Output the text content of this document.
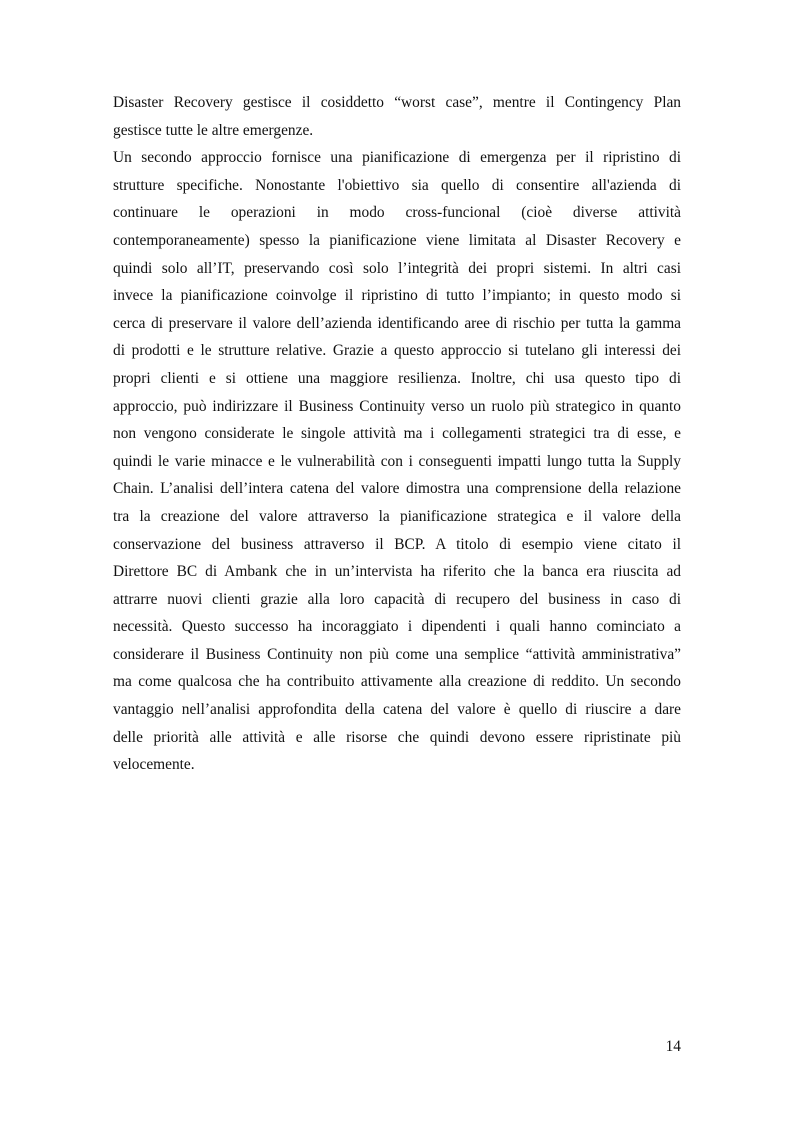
Disaster Recovery gestisce il cosiddetto “worst case”, mentre il Contingency Plan
gestisce tutte le altre emergenze.
Un secondo approccio fornisce una pianificazione di emergenza per il ripristino di
strutture specifiche. Nonostante l'obiettivo sia quello di consentire all'azienda di
continuare le operazioni in modo cross-funcional (cioè diverse attività
contemporaneamente) spesso la pianificazione viene limitata al Disaster Recovery e
quindi solo all’IT, preservando così solo l’integrità dei propri sistemi. In altri casi
invece la pianificazione coinvolge il ripristino di tutto l’impianto; in questo modo si
cerca di preservare il valore dell’azienda identificando aree di rischio per tutta la gamma
di prodotti e le strutture relative. Grazie a questo approccio si tutelano gli interessi dei
propri clienti e si ottiene una maggiore resilienza. Inoltre, chi usa questo tipo di
approccio, può indirizzare il Business Continuity verso un ruolo più strategico in quanto
non vengono considerate le singole attività ma i collegamenti strategici tra di esse, e
quindi le varie minacce e le vulnerabilità con i conseguenti impatti lungo tutta la Supply
Chain. L’analisi dell’intera catena del valore dimostra una comprensione della relazione
tra la creazione del valore attraverso la pianificazione strategica e il valore della
conservazione del business attraverso il BCP. A titolo di esempio viene citato il
Direttore BC di Ambank che in un’intervista ha riferito che la banca era riuscita ad
attrarre nuovi clienti grazie alla loro capacità di recupero del business in caso di
necessità. Questo successo ha incoraggiato i dipendenti i quali hanno cominciato a
considerare il Business Continuity non più come una semplice “attività amministrativa”
ma come qualcosa che ha contribuito attivamente alla creazione di reddito. Un secondo
vantaggio nell’analisi approfondita della catena del valore è quello di riuscire a dare
delle priorità alle attività e alle risorse che quindi devono essere ripristinate più
velocemente.
14
